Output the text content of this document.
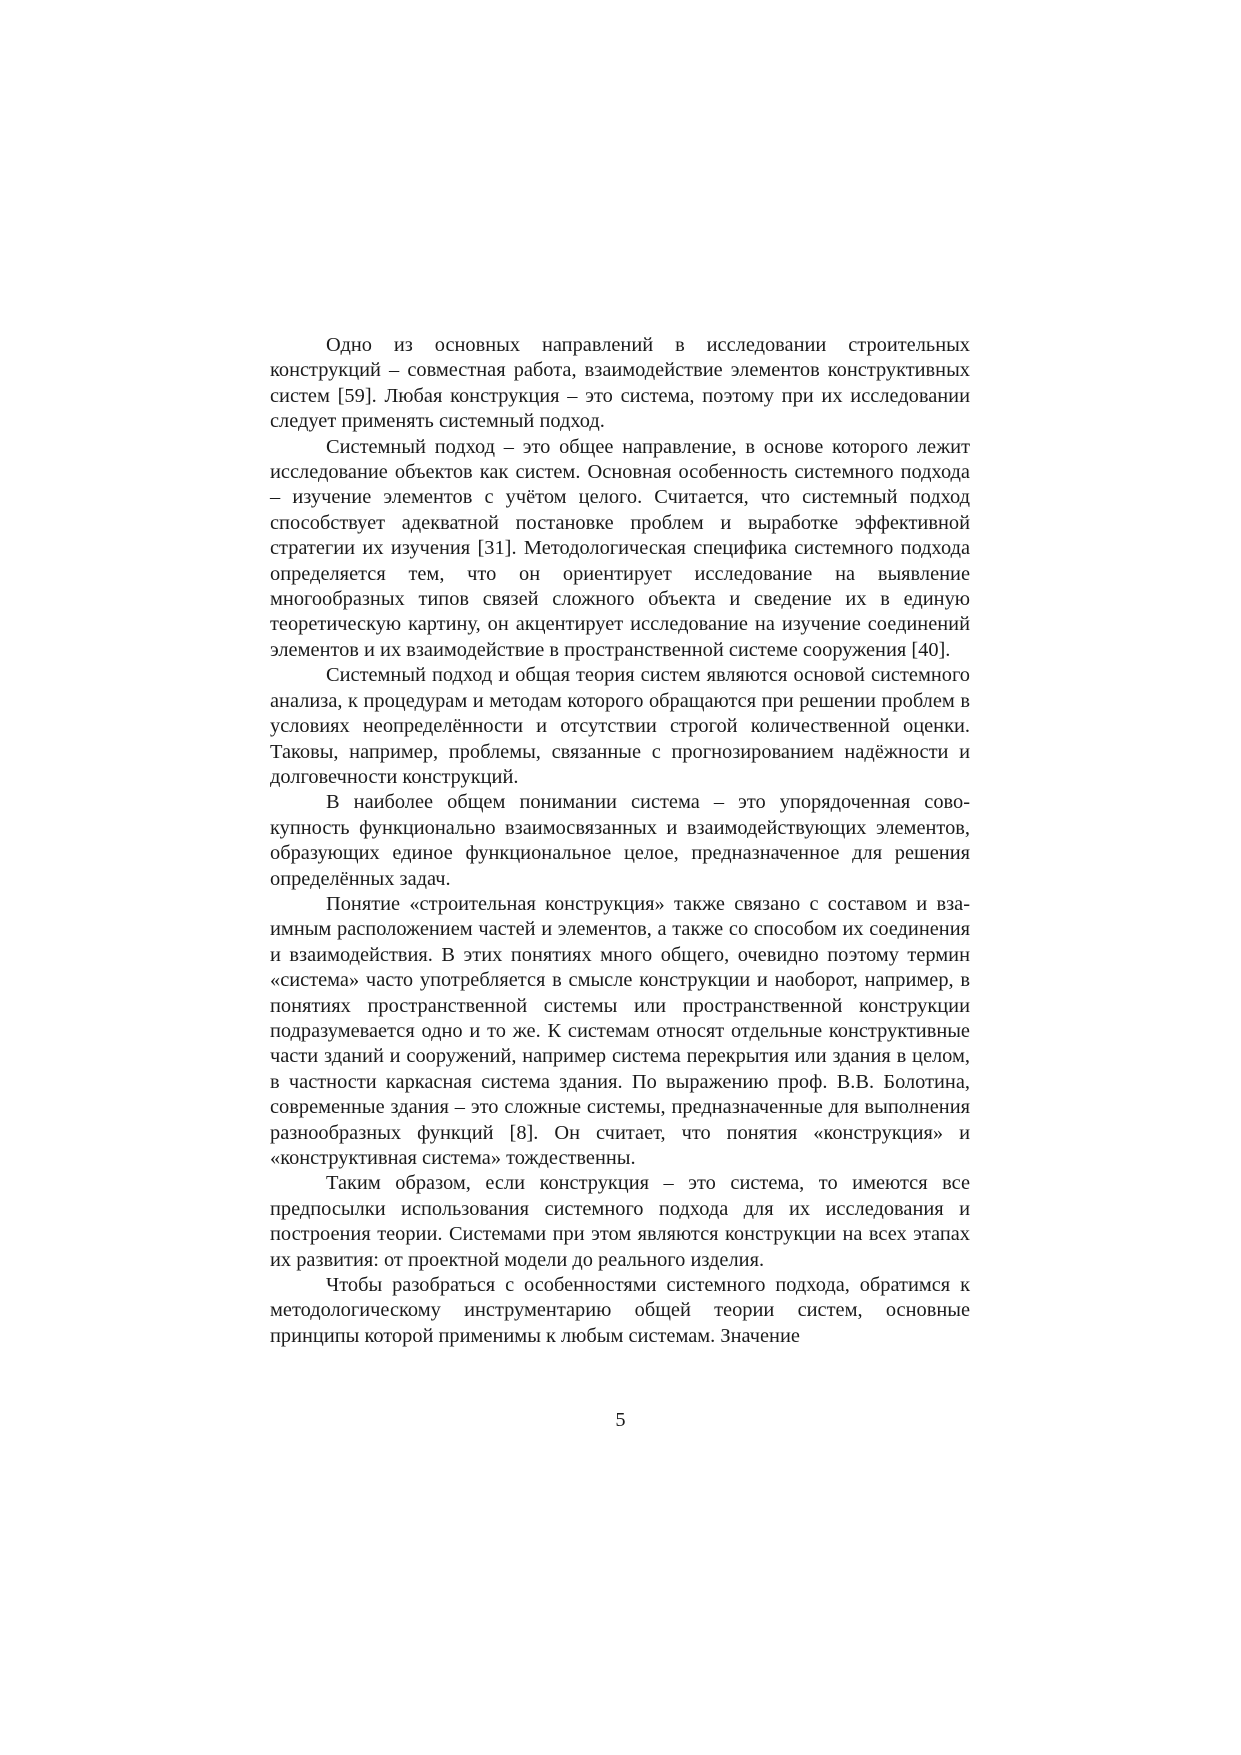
Одно из основных направлений в исследовании строительных конструкций – совместная работа, взаимодействие элементов конструктивных систем [59]. Любая конструкция – это система, поэтому при их исследовании следует применять системный подход.

Системный подход – это общее направление, в основе которого лежит исследование объектов как систем. Основная особенность системного подхода – изучение элементов с учётом целого. Считается, что системный подход способствует адекватной постановке проблем и выработке эффективной стратегии их изучения [31]. Методологическая специфика системного подхода определяется тем, что он ориентирует исследование на выявление многообразных типов связей сложного объекта и сведение их в единую теоретическую картину, он акцентирует исследование на изучение соединений элементов и их взаимодействие в пространственной системе сооружения [40].

Системный подход и общая теория систем являются основой системного анализа, к процедурам и методам которого обращаются при решении проблем в условиях неопределённости и отсутствии строгой количественной оценки. Таковы, например, проблемы, связанные с прогнозированием надёжности и долговечности конструкций.

В наиболее общем понимании система – это упорядоченная совокупность функционально взаимосвязанных и взаимодействующих элементов, образующих единое функциональное целое, предназначенное для решения определённых задач.

Понятие «строительная конструкция» также связано с составом и взаимным расположением частей и элементов, а также со способом их соединения и взаимодействия. В этих понятиях много общего, очевидно поэтому термин «система» часто употребляется в смысле конструкции и наоборот, например, в понятиях пространственной системы или пространственной конструкции подразумевается одно и то же. К системам относят отдельные конструктивные части зданий и сооружений, например система перекрытия или здания в целом, в частности каркасная система здания. По выражению проф. В.В. Болотина, современные здания – это сложные системы, предназначенные для выполнения разнообразных функций [8]. Он считает, что понятия «конструкция» и «конструктивная система» тождественны.

Таким образом, если конструкция – это система, то имеются все предпосылки использования системного подхода для их исследования и построения теории. Системами при этом являются конструкции на всех этапах их развития: от проектной модели до реального изделия.

Чтобы разобраться с особенностями системного подхода, обратимся к методологическому инструментарию общей теории систем, основные принципы которой применимы к любым системам. Значение

5
